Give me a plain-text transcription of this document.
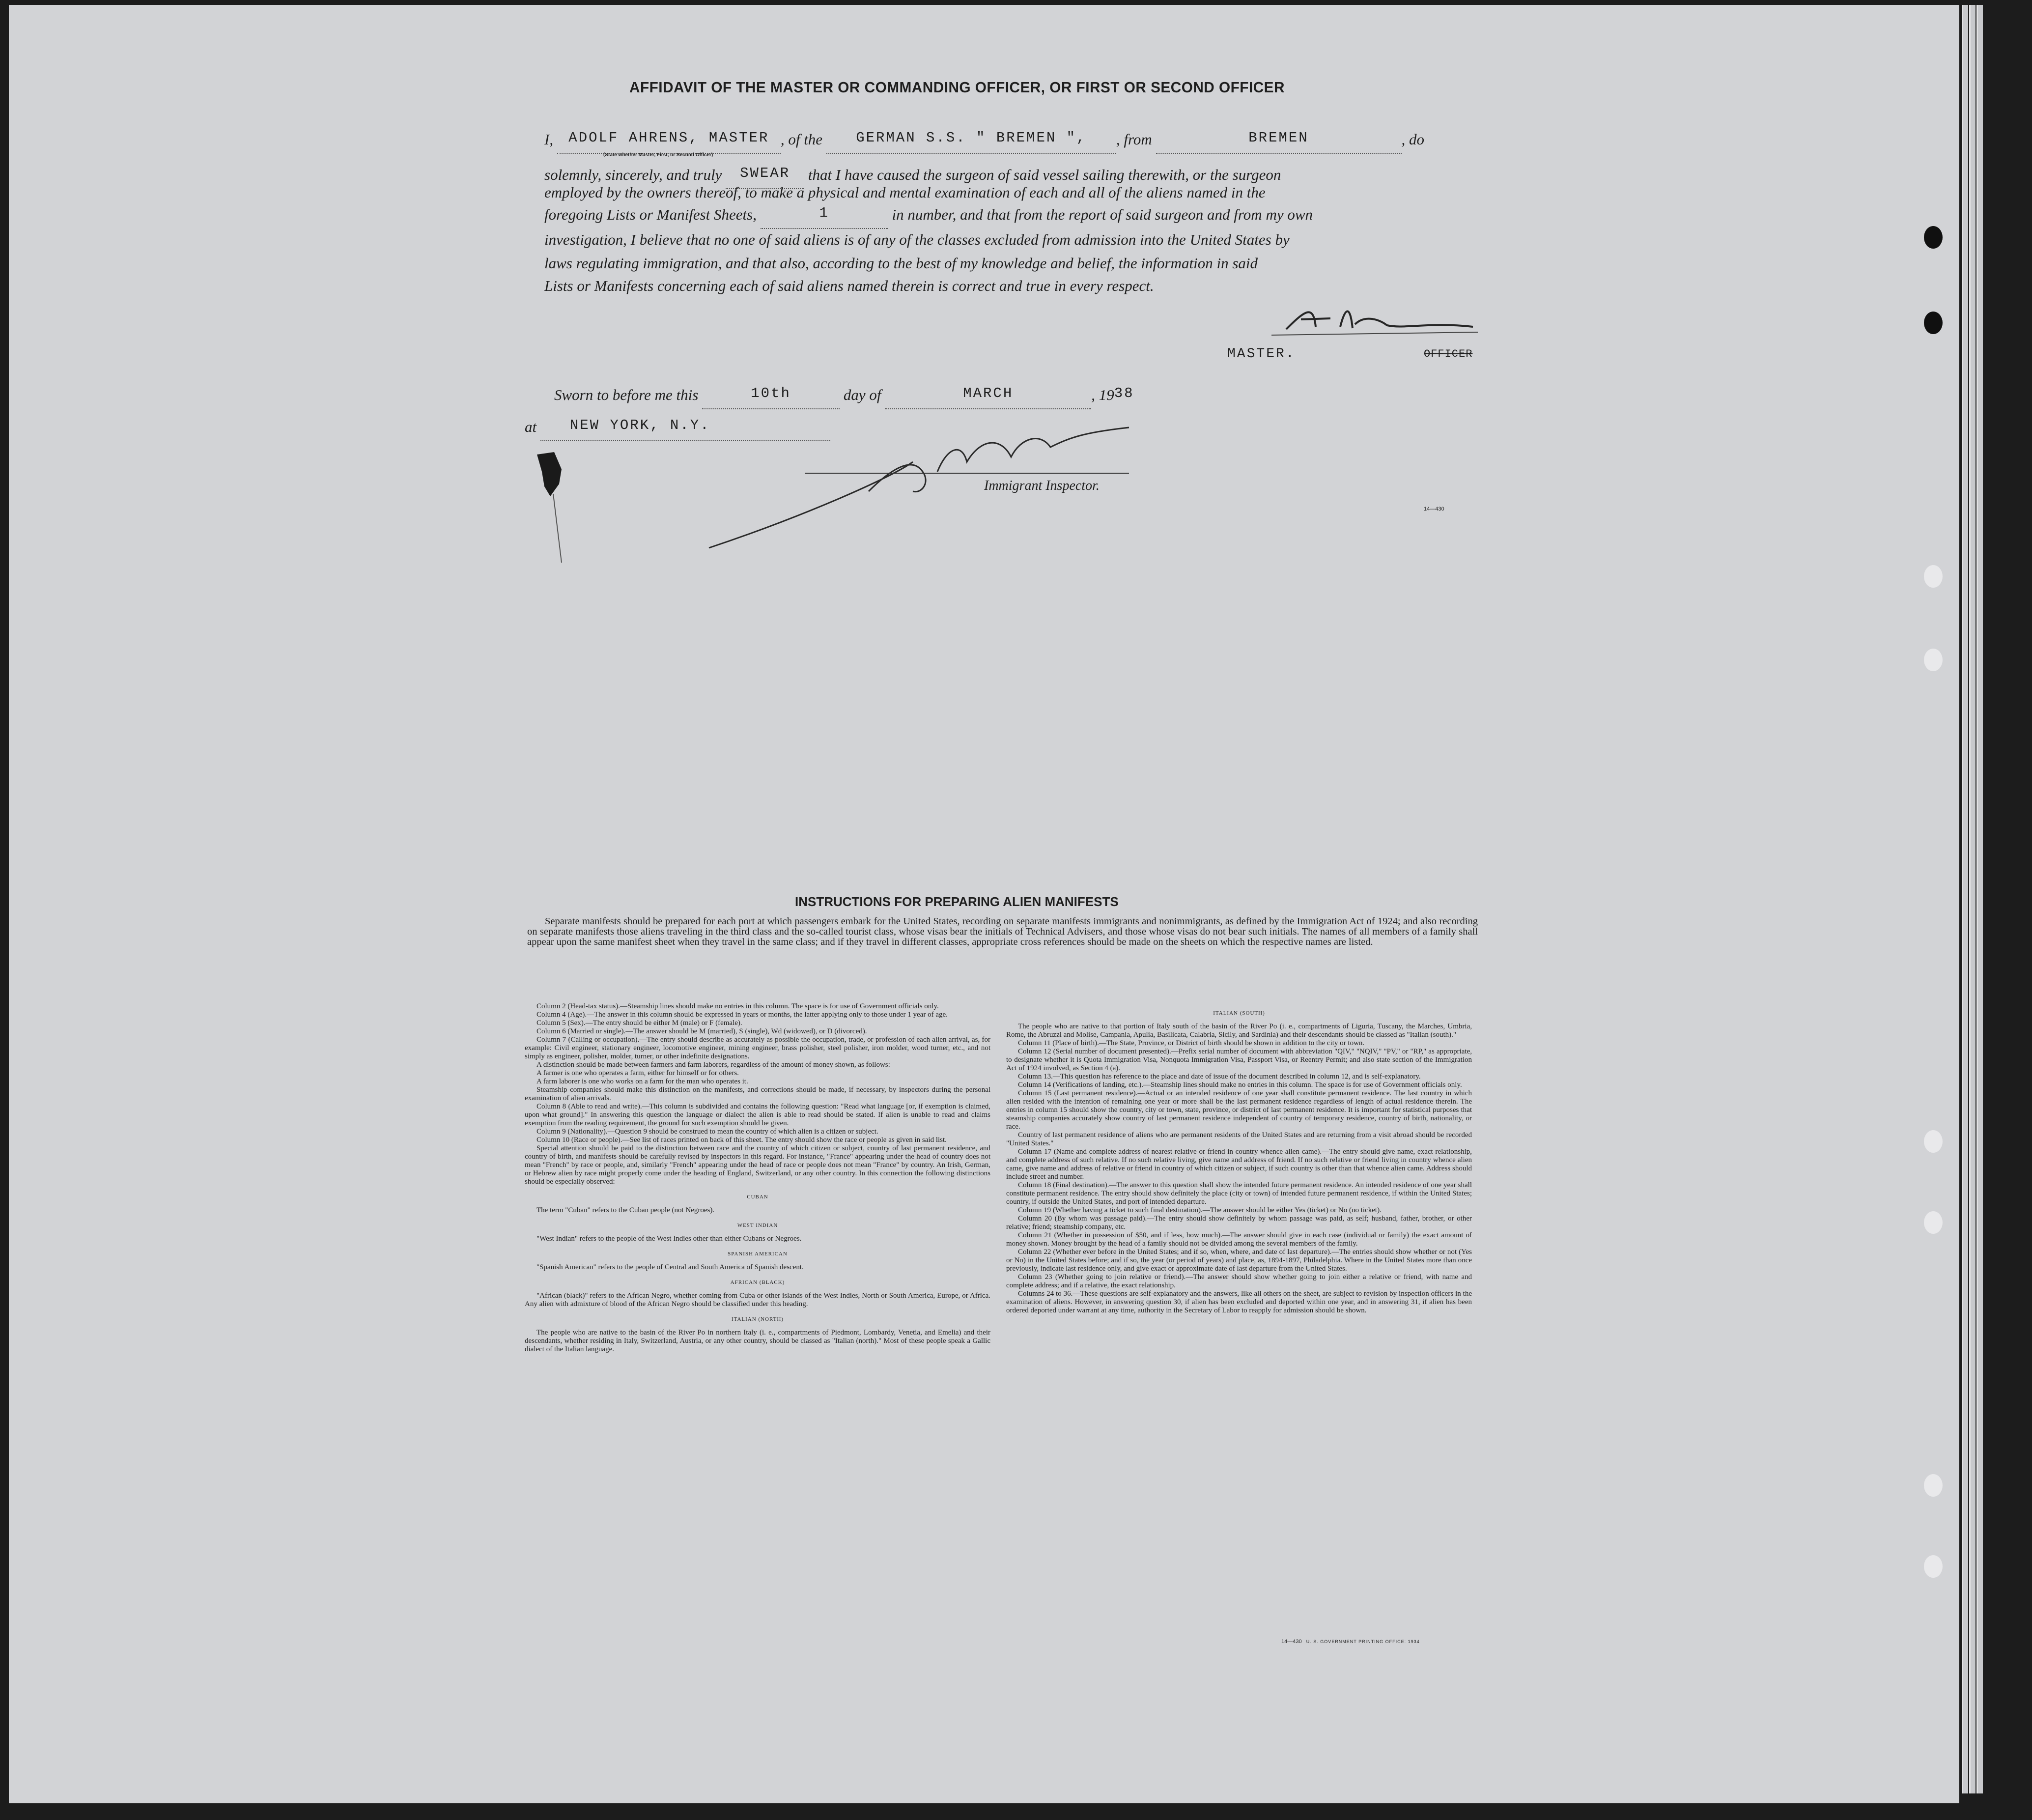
AFFIDAVIT OF THE MASTER OR COMMANDING OFFICER, OR FIRST OR SECOND OFFICER
I, ADOLF AHRENS, MASTER , of the GERMAN S.S. " BREMEN ", , from	BREMEN	, do
(State whether Master, First, or Second Officer)
solemnly, sincerely, and truly SWEAR that I have caused the surgeon of said vessel sailing therewith, or the surgeon
employed by the owners thereof, to make a physical and mental examination of each and all of the aliens named in the
foregoing Lists or Manifest Sheets,	1	in number, and that from the report of said surgeon and from my own
investigation, I believe that no one of said aliens is of any of the classes excluded from admission into the United States by
laws regulating immigration, and that also, according to the best of my knowledge and belief, the information in said
Lists or Manifests concerning each of said aliens named therein is correct and true in every respect.
MASTER.	OFFICER
Sworn to before me this	10th	day of	MARCH	, 1938
at NEW YORK, N.Y.
Immigrant Inspector.
14—430
INSTRUCTIONS FOR PREPARING ALIEN MANIFESTS
Separate manifests should be prepared for each port at which passengers embark for the United States, recording on separate manifests immigrants and nonimmigrants, as defined by the Immigration Act of 1924; and also recording on separate manifests those aliens traveling in the third class and the so-called tourist class, whose visas bear the initials of Technical Advisers, and those whose visas do not bear such initials. The names of all members of a family shall appear upon the same manifest sheet when they travel in the same class; and if they travel in different classes, appropriate cross references should be made on the sheets on which the respective names are listed.

Column 2 (Head-tax status).—Steamship lines should make no entries in this column. The space is for use of Government officials only.

Column 4 (Age).—The answer in this column should be expressed in years or months, the latter applying only to those under 1 year of age.

Column 5 (Sex).—The entry should be either M (male) or F (female).

Column 6 (Married or single).—The answer should be M (married), S (single), Wd (widowed), or D (divorced).

Column 7 (Calling or occupation).—The entry should describe as accurately as possible the occupation, trade, or profession of each alien arrival, as, for example: Civil engineer, stationary engineer, locomotive engineer, mining engineer, brass polisher, steel polisher, iron molder, wood turner, etc., and not simply as engineer, polisher, molder, turner, or other indefinite designations.

A distinction should be made between farmers and farm laborers, regardless of the amount of money shown, as follows:

A farmer is one who operates a farm, either for himself or for others.

A farm laborer is one who works on a farm for the man who operates it.

Steamship companies should make this distinction on the manifests, and corrections should be made, if necessary, by inspectors during the personal examination of alien arrivals.

Column 8 (Able to read and write).—This column is subdivided and contains the following question: "Read what language [or, if exemption is claimed, upon what ground]." In answering this question the language or dialect the alien is able to read should be stated. If alien is unable to read and claims exemption from the reading requirement, the ground for such exemption should be given.

Column 9 (Nationality).—Question 9 should be construed to mean the country of which alien is a citizen or subject.

Column 10 (Race or people).—See list of races printed on back of this sheet. The entry should show the race or people as given in said list.

Special attention should be paid to the distinction between race and the country of which citizen or subject, country of last permanent residence, and country of birth, and manifests should be carefully revised by inspectors in this regard. For instance, "France" appearing under the head of country does not mean "French" by race or people, and, similarly "French" appearing under the head of race or people does not mean "France" by country. An Irish, German, or Hebrew alien by race might properly come under the heading of England, Switzerland, or any other country. In this connection the following distinctions should be especially observed:

CUBAN

The term "Cuban" refers to the Cuban people (not Negroes).

WEST INDIAN

"West Indian" refers to the people of the West Indies other than either Cubans or Negroes.

SPANISH AMERICAN

"Spanish American" refers to the people of Central and South America of Spanish descent.

AFRICAN (BLACK)

"African (black)" refers to the African Negro, whether coming from Cuba or other islands of the West Indies, North or South America, Europe, or Africa. Any alien with admixture of blood of the African Negro should be classified under this heading.

ITALIAN (NORTH)

The people who are native to the basin of the River Po in northern Italy (i. e., compartments of Piedmont, Lombardy, Venetia, and Emelia) and their descendants, whether residing in Italy, Switzerland, Austria, or any other country, should be classed as "Italian (north)." Most of these people speak a Gallic dialect of the Italian language.

ITALIAN (SOUTH)

The people who are native to that portion of Italy south of the basin of the River Po (i. e., compartments of Liguria, Tuscany, the Marches, Umbria, Rome, the Abruzzi and Molise, Campania, Apulia, Basilicata, Calabria, Sicily, and Sardinia) and their descendants should be classed as "Italian (south)."

Column 11 (Place of birth).—The State, Province, or District of birth should be shown in addition to the city or town.

Column 12 (Serial number of document presented).—Prefix serial number of document with abbreviation "QIV," "NQIV," "PV," or "RP," as appropriate, to designate whether it is Quota Immigration Visa, Nonquota Immigration Visa, Passport Visa, or Reentry Permit; and also state section of the Immigration Act of 1924 involved, as Section 4 (a).

Column 13.—This question has reference to the place and date of issue of the document described in column 12, and is self-explanatory.

Column 14 (Verifications of landing, etc.).—Steamship lines should make no entries in this column. The space is for use of Government officials only.

Column 15 (Last permanent residence).—Actual or an intended residence of one year shall constitute permanent residence. The last country in which alien resided with the intention of remaining one year or more shall be the last permanent residence regardless of length of actual residence therein. The entries in column 15 should show the country, city or town, state, province, or district of last permanent residence. It is important for statistical purposes that steamship companies accurately show country of last permanent residence independent of country of temporary residence, country of birth, nationality, or race.

Country of last permanent residence of aliens who are permanent residents of the United States and are returning from a visit abroad should be recorded "United States."

Column 17 (Name and complete address of nearest relative or friend in country whence alien came).—The entry should give name, exact relationship, and complete address of such relative. If no such relative living, give name and address of friend. If no such relative or friend living in country whence alien came, give name and address of relative or friend in country of which citizen or subject, if such country is other than that whence alien came. Address should include street and number.

Column 18 (Final destination).—The answer to this question shall show the intended future permanent residence. An intended residence of one year shall constitute permanent residence. The entry should show definitely the place (city or town) of intended future permanent residence, if within the United States; country, if outside the United States, and port of intended departure.

Column 19 (Whether having a ticket to such final destination).—The answer should be either Yes (ticket) or No (no ticket).

Column 20 (By whom was passage paid).—The entry should show definitely by whom passage was paid, as self; husband, father, brother, or other relative; friend; steamship company, etc.

Column 21 (Whether in possession of $50, and if less, how much).—The answer should give in each case (individual or family) the exact amount of money shown. Money brought by the head of a family should not be divided among the several members of the family.

Column 22 (Whether ever before in the United States; and if so, when, where, and date of last departure).—The entries should show whether or not (Yes or No) in the United States before; and if so, the year (or period of years) and place, as, 1894-1897, Philadelphia. Where in the United States more than once previously, indicate last residence only, and give exact or approximate date of last departure from the United States.

Column 23 (Whether going to join relative or friend).—The answer should show whether going to join either a relative or friend, with name and complete address; and if a relative, the exact relationship.

Columns 24 to 36.—These questions are self-explanatory and the answers, like all others on the sheet, are subject to revision by inspection officers in the examination of aliens. However, in answering question 30, if alien has been excluded and deported within one year, and in answering 31, if alien has been ordered deported under warrant at any time, authority in the Secretary of Labor to reapply for admission should be shown.

14—430 U. S. GOVERNMENT PRINTING OFFICE: 1934
